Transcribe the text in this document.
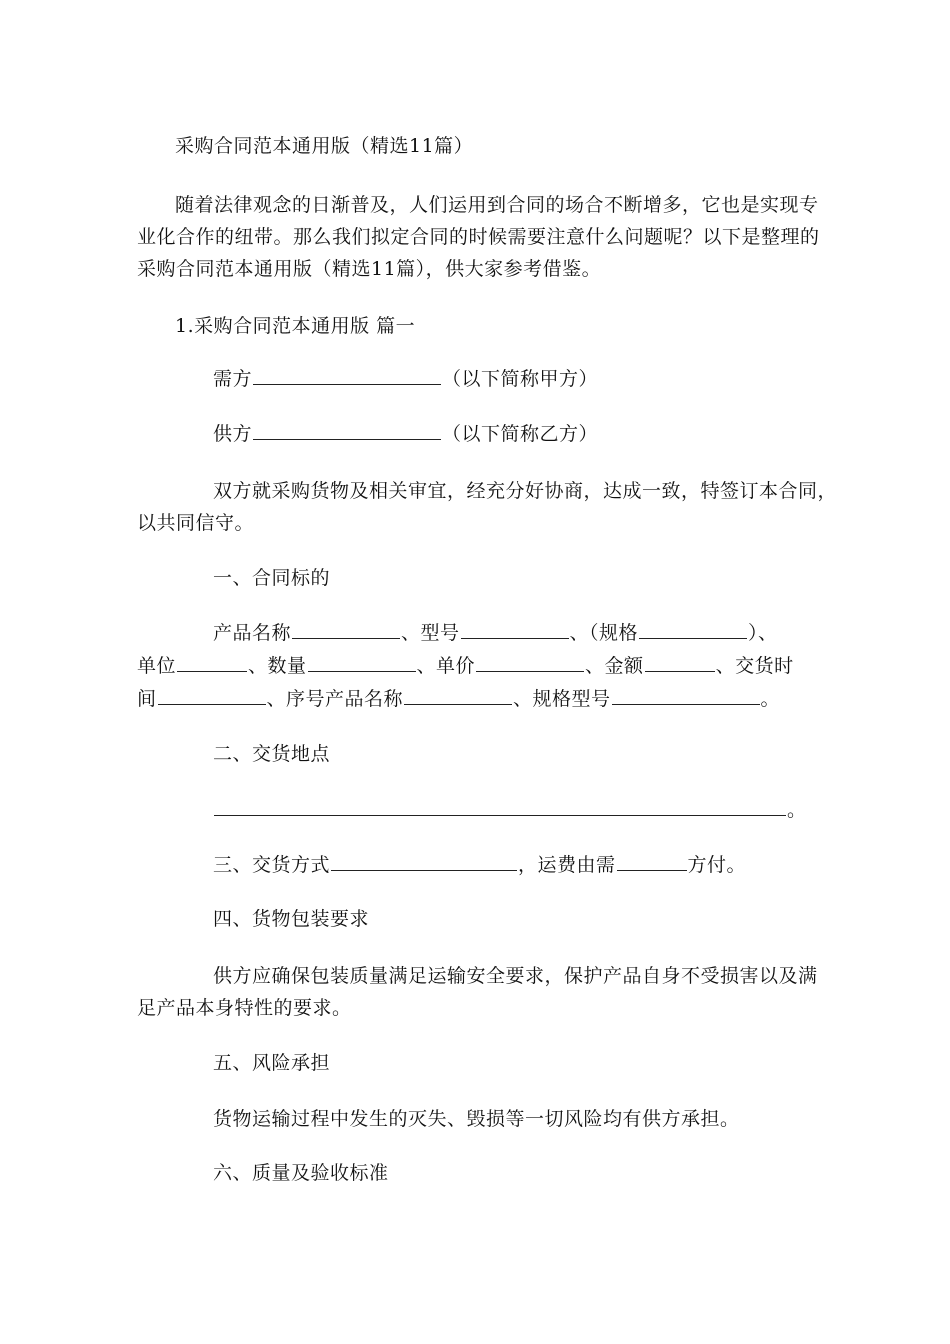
采购合同范本通用版（精选11篇）
随着法律观念的日渐普及，人们运用到合同的场合不断增多，它也是实现专
业化合作的纽带。那么我们拟定合同的时候需要注意什么问题呢？以下是整理的
采购合同范本通用版（精选11篇），供大家参考借鉴。
1.采购合同范本通用版 篇一
需方	（以下简称甲方）
供方	（以下简称乙方）
双方就采购货物及相关审宜，经充分好协商，达成一致，特签订本合同，
以共同信守。
一、合同标的
产品名称	、型号	、（规格	）、
单位	、数量	、单价	、金额	、交货时
间	、序号产品名称	、规格型号	。
二、交货地点
。
三、交货方式	，运费由需	方付。
四、货物包装要求
供方应确保包装质量满足运输安全要求，保护产品自身不受损害以及满
足产品本身特性的要求。
五、风险承担
货物运输过程中发生的灭失、毁损等一切风险均有供方承担。
六、质量及验收标准
